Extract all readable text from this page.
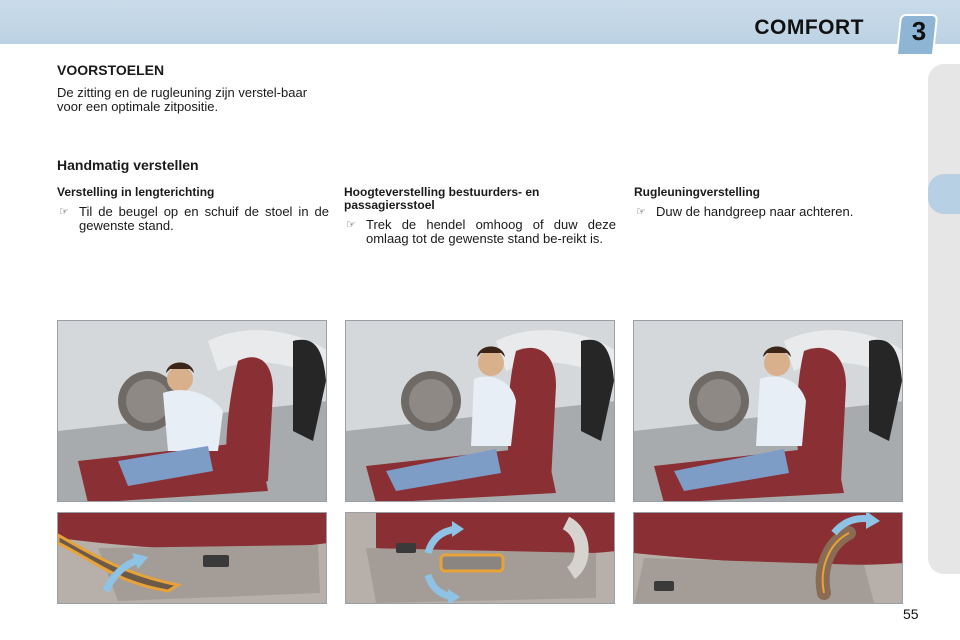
COMFORT 3
VOORSTOELEN
De zitting en de rugleuning zijn verstel-baar voor een optimale zitpositie.
Handmatig verstellen
Verstelling in lengterichting
☞ Til de beugel op en schuif de stoel in de gewenste stand.
Hoogteverstelling bestuurders- en passagiersstoel
☞ Trek de hendel omhoog of duw deze omlaag tot de gewenste stand be-reikt is.
Rugleuningverstelling
☞ Duw de handgreep naar achteren.
55
